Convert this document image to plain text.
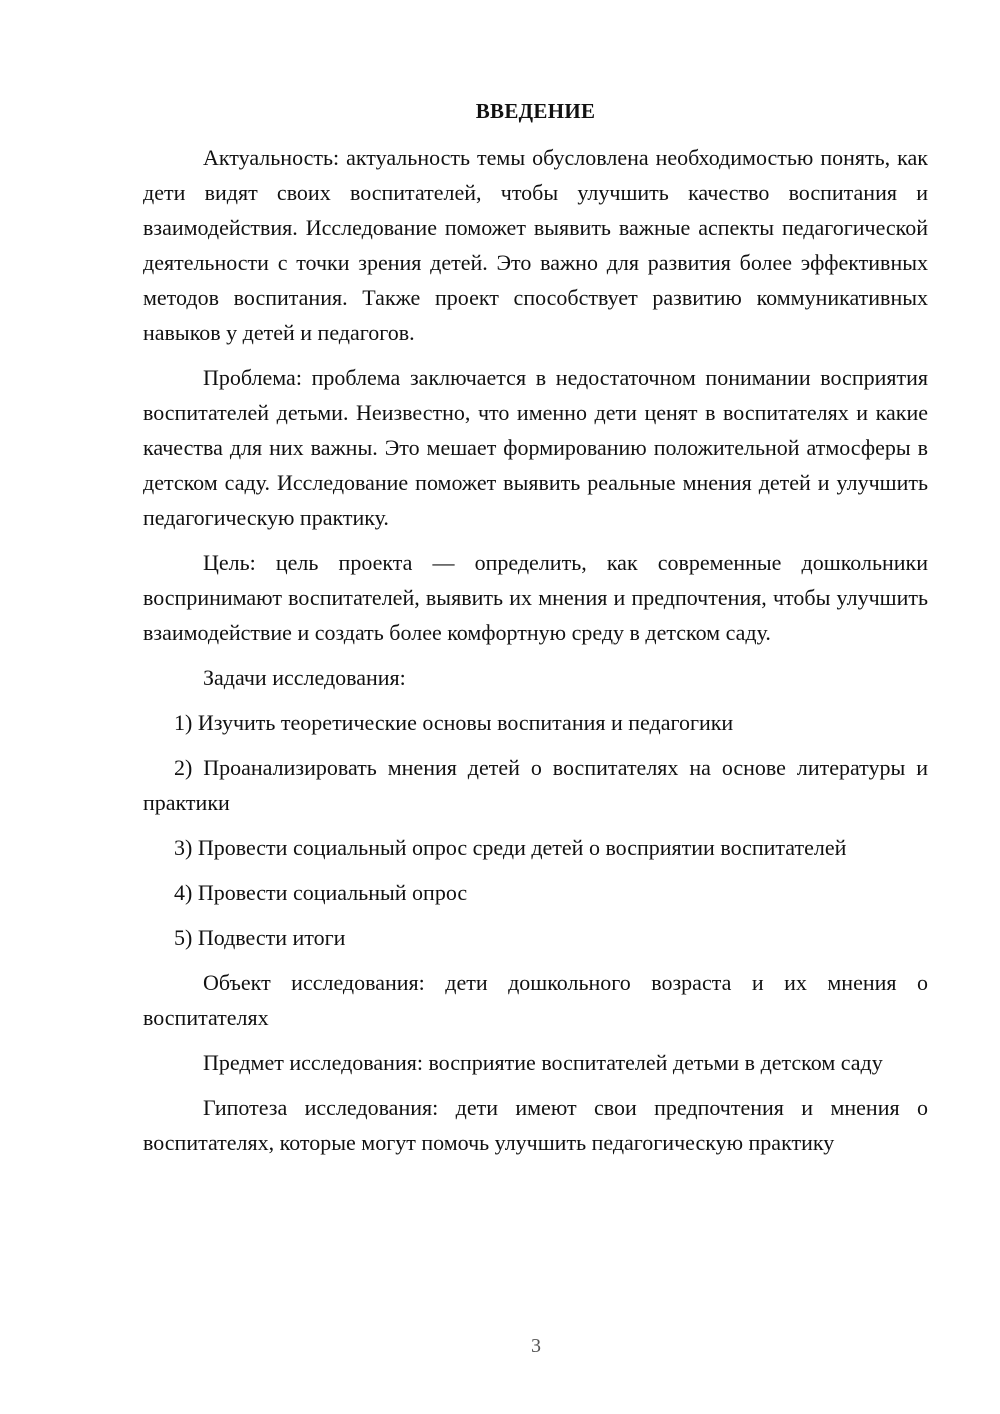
ВВЕДЕНИЕ

Актуальность: актуальность темы обусловлена необходимостью понять, как дети видят своих воспитателей, чтобы улучшить качество воспитания и взаимодействия. Исследование поможет выявить важные аспекты педагогической деятельности с точки зрения детей. Это важно для развития более эффективных методов воспитания. Также проект способствует развитию коммуникативных навыков у детей и педагогов.

Проблема: проблема заключается в недостаточном понимании восприятия воспитателей детьми. Неизвестно, что именно дети ценят в воспитателях и какие качества для них важны. Это мешает формированию положительной атмосферы в детском саду. Исследование поможет выявить реальные мнения детей и улучшить педагогическую практику.

Цель: цель проекта — определить, как современные дошкольники воспринимают воспитателей, выявить их мнения и предпочтения, чтобы улучшить взаимодействие и создать более комфортную среду в детском саду.

Задачи исследования:

1) Изучить теоретические основы воспитания и педагогики

2) Проанализировать мнения детей о воспитателях на основе литературы и практики

3) Провести социальный опрос среди детей о восприятии воспитателей

4) Провести социальный опрос

5) Подвести итоги

Объект исследования: дети дошкольного возраста и их мнения о воспитателях

Предмет исследования: восприятие воспитателей детьми в детском саду

Гипотеза исследования: дети имеют свои предпочтения и мнения о воспитателях, которые могут помочь улучшить педагогическую практику

3
